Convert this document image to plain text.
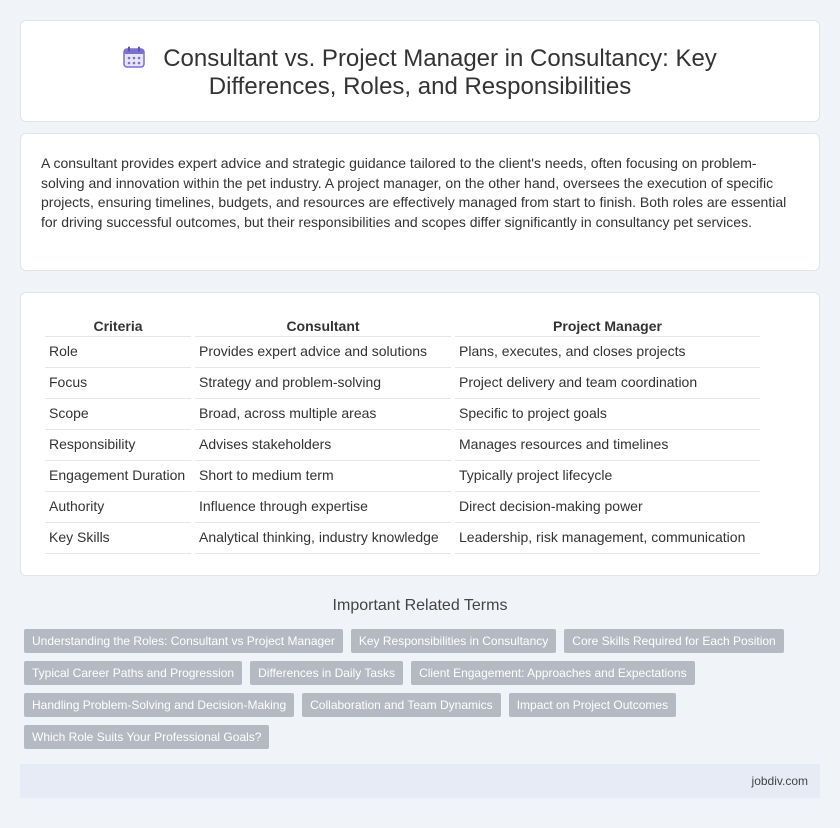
Consultant vs. Project Manager in Consultancy: Key Differences, Roles, and Responsibilities

A consultant provides expert advice and strategic guidance tailored to the client's needs, often focusing on problem-solving and innovation within the pet industry. A project manager, on the other hand, oversees the execution of specific projects, ensuring timelines, budgets, and resources are effectively managed from start to finish. Both roles are essential for driving successful outcomes, but their responsibilities and scopes differ significantly in consultancy pet services.

Criteria	Consultant	Project Manager
Role	Provides expert advice and solutions	Plans, executes, and closes projects
Focus	Strategy and problem-solving	Project delivery and team coordination
Scope	Broad, across multiple areas	Specific to project goals
Responsibility	Advises stakeholders	Manages resources and timelines
Engagement Duration	Short to medium term	Typically project lifecycle
Authority	Influence through expertise	Direct decision-making power
Key Skills	Analytical thinking, industry knowledge	Leadership, risk management, communication
Important Related Terms
Understanding the Roles: Consultant vs Project Manager	Key Responsibilities in Consultancy	Core Skills Required for Each Position
Typical Career Paths and Progression	Differences in Daily Tasks	Client Engagement: Approaches and Expectations
Handling Problem-Solving and Decision-Making	Collaboration and Team Dynamics	Impact on Project Outcomes
Which Role Suits Your Professional Goals?
jobdiv.com
